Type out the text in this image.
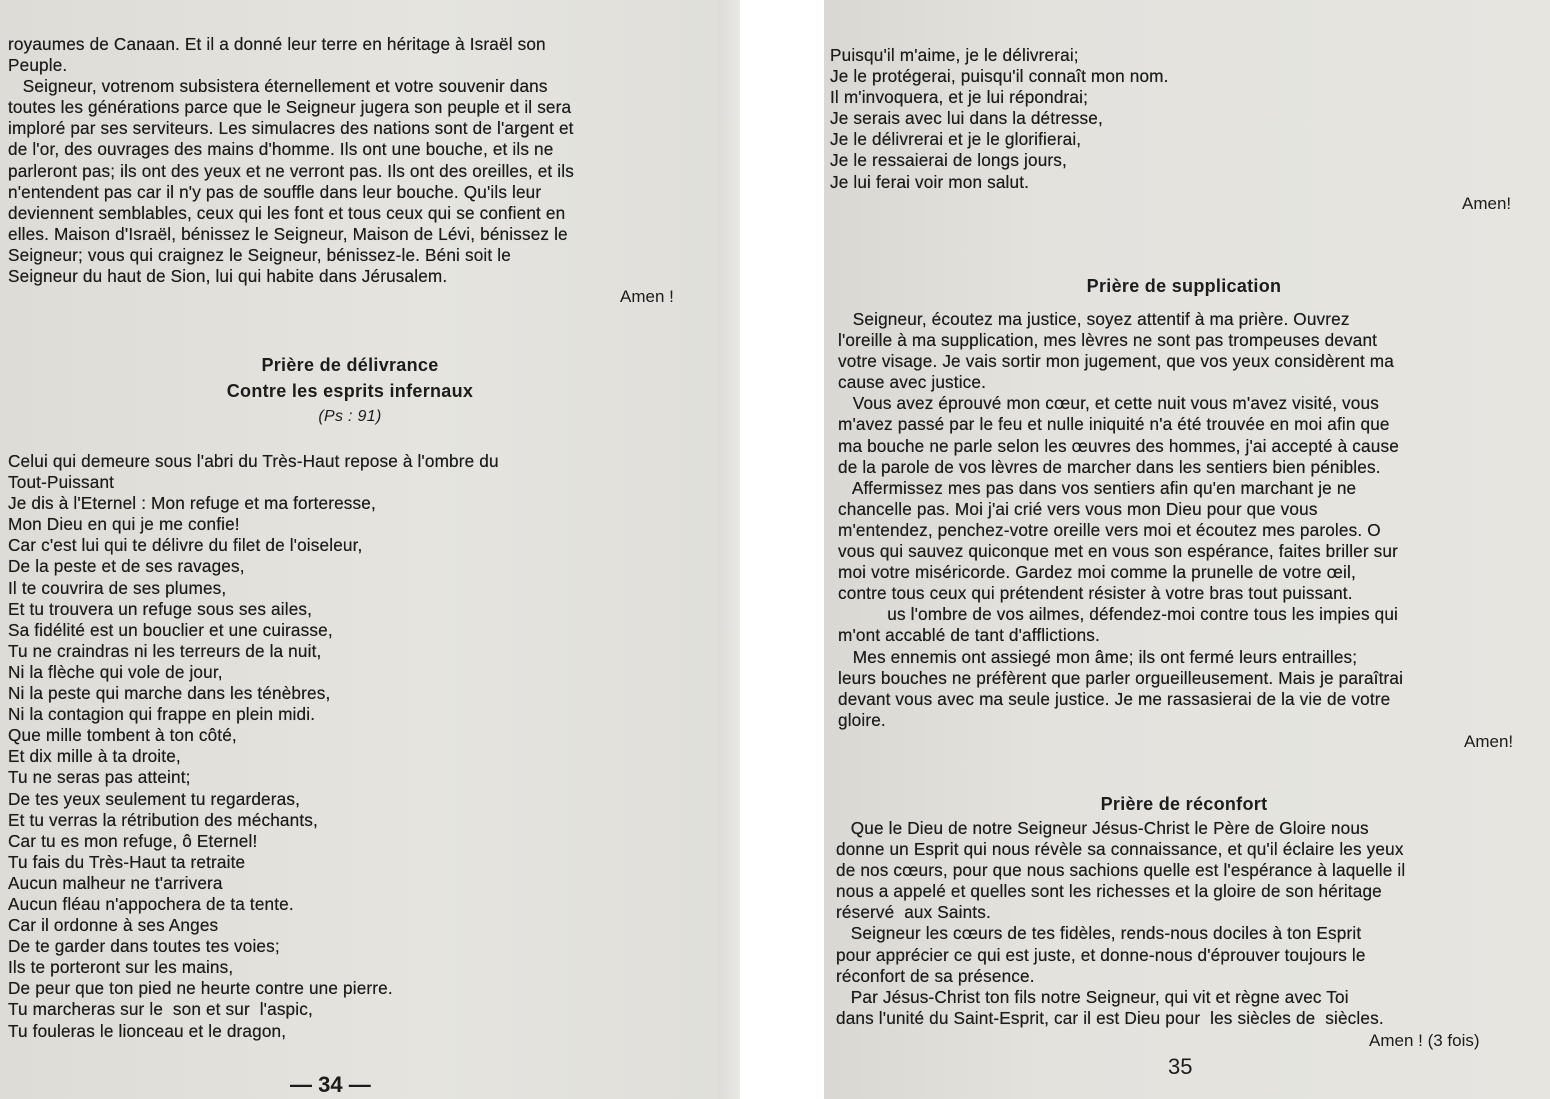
royaumes de Canaan. Et il a donné leur terre en héritage à Israël son
Peuple.
Seigneur, votrenom subsistera éternellement et votre souvenir dans
toutes les générations parce que le Seigneur jugera son peuple et il sera
imploré par ses serviteurs. Les simulacres des nations sont de l'argent et
de l'or, des ouvrages des mains d'homme. Ils ont une bouche, et ils ne
parleront pas; ils ont des yeux et ne verront pas. Ils ont des oreilles, et ils
n'entendent pas car il n'y pas de souffle dans leur bouche. Qu'ils leur
deviennent semblables, ceux qui les font et tous ceux qui se confient en
elles. Maison d'Israël, bénissez le Seigneur, Maison de Lévi, bénissez le
Seigneur; vous qui craignez le Seigneur, bénissez-le. Béni soit le
Seigneur du haut de Sion, lui qui habite dans Jérusalem.
Amen !
Prière de délivrance
Contre les esprits infernaux
(Ps : 91)
Celui qui demeure sous l'abri du Très-Haut repose à l'ombre du
Tout-Puissant
Je dis à l'Eternel : Mon refuge et ma forteresse,
Mon Dieu en qui je me confie!
Car c'est lui qui te délivre du filet de l'oiseleur,
De la peste et de ses ravages,
Il te couvrira de ses plumes,
Et tu trouvera un refuge sous ses ailes,
Sa fidélité est un bouclier et une cuirasse,
Tu ne craindras ni les terreurs de la nuit,
Ni la flèche qui vole de jour,
Ni la peste qui marche dans les ténèbres,
Ni la contagion qui frappe en plein midi.
Que mille tombent à ton côté,
Et dix mille à ta droite,
Tu ne seras pas atteint;
De tes yeux seulement tu regarderas,
Et tu verras la rétribution des méchants,
Car tu es mon refuge, ô Eternel!
Tu fais du Très-Haut ta retraite
Aucun malheur ne t'arrivera
Aucun fléau n'appochera de ta tente.
Car il ordonne à ses Anges
De te garder dans toutes tes voies;
Ils te porteront sur les mains,
De peur que ton pied ne heurte contre une pierre.
Tu marcheras sur le  son et sur  l'aspic,
Tu fouleras le lionceau et le dragon,
— 34 —
Puisqu'il m'aime, je le délivrerai;
Je le protégerai, puisqu'il connaît mon nom.
Il m'invoquera, et je lui répondrai;
Je serais avec lui dans la détresse,
Je le délivrerai et je le glorifierai,
Je le ressaierai de longs jours,
Je lui ferai voir mon salut.
Amen!
Prière de supplication
Seigneur, écoutez ma justice, soyez attentif à ma prière. Ouvrez
l'oreille à ma supplication, mes lèvres ne sont pas trompeuses devant
votre visage. Je vais sortir mon jugement, que vos yeux considèrent ma
cause avec justice.
Vous avez éprouvé mon cœur, et cette nuit vous m'avez visité, vous
m'avez passé par le feu et nulle iniquité n'a été trouvée en moi afin que
ma bouche ne parle selon les œuvres des hommes, j'ai accepté à cause
de la parole de vos lèvres de marcher dans les sentiers bien pénibles.
Affermissez mes pas dans vos sentiers afin qu'en marchant je ne
chancelle pas. Moi j'ai crié vers vous mon Dieu pour que vous
m'entendez, penchez-votre oreille vers moi et écoutez mes paroles. O
vous qui sauvez quiconque met en vous son espérance, faites briller sur
moi votre miséricorde. Gardez moi comme la prunelle de votre œil,
contre tous ceux qui prétendent résister à votre bras tout puissant.
us l'ombre de vos ailmes, défendez-moi contre tous les impies qui
m'ont accablé de tant d'afflictions.
Mes ennemis ont assiegé mon âme; ils ont fermé leurs entrailles;
leurs bouches ne préfèrent que parler orgueilleusement. Mais je paraîtrai
devant vous avec ma seule justice. Je me rassasierai de la vie de votre
gloire.
Amen!
Prière de réconfort
Que le Dieu de notre Seigneur Jésus-Christ le Père de Gloire nous
donne un Esprit qui nous révèle sa connaissance, et qu'il éclaire les yeux
de nos cœurs, pour que nous sachions quelle est l'espérance à laquelle il
nous a appelé et quelles sont les richesses et la gloire de son héritage
réservé  aux Saints.
Seigneur les cœurs de tes fidèles, rends-nous dociles à ton Esprit
pour apprécier ce qui est juste, et donne-nous d'éprouver toujours le
réconfort de sa présence.
Par Jésus-Christ ton fils notre Seigneur, qui vit et règne avec Toi
dans l'unité du Saint-Esprit, car il est Dieu pour  les siècles de  siècles.
Amen ! (3 fois)
35
